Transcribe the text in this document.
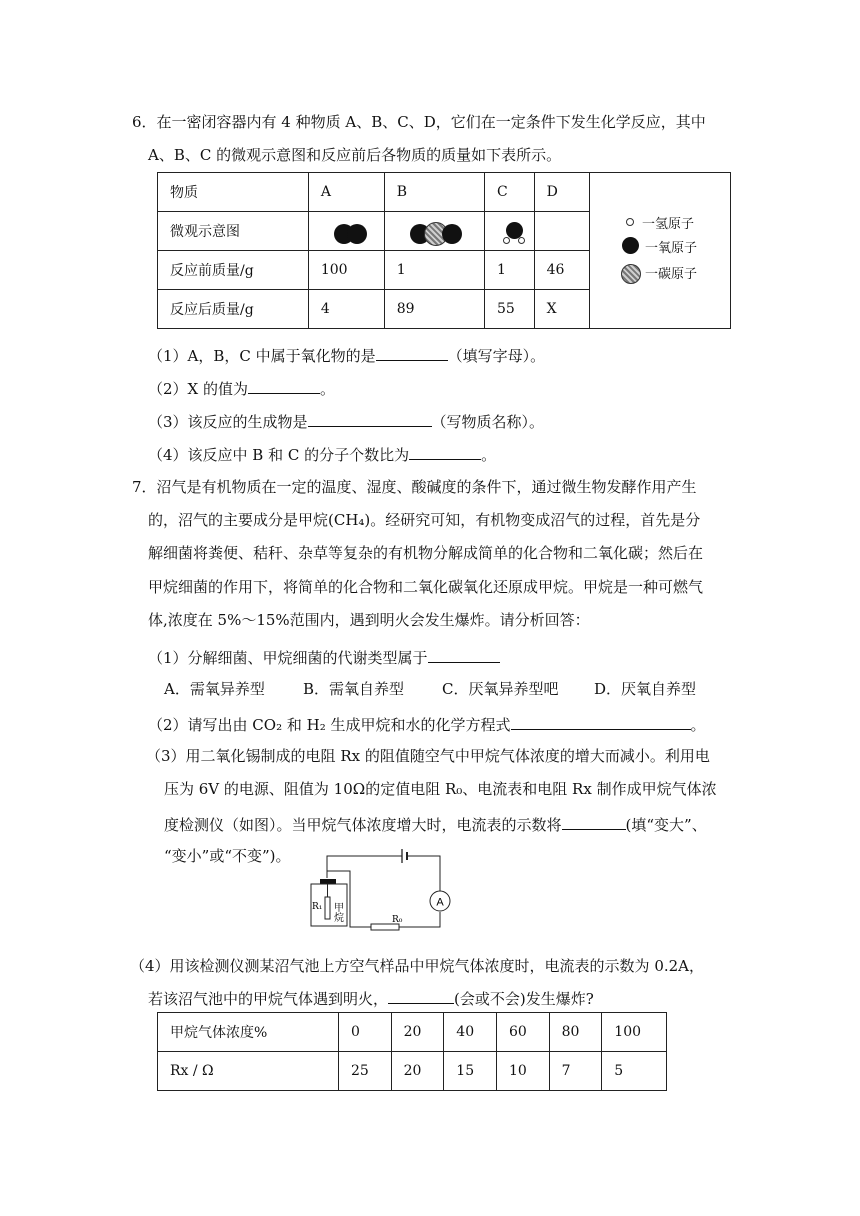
6．在一密闭容器内有 4 种物质 A、B、C、D，它们在一定条件下发生化学反应，其中
A、B、C 的微观示意图和反应前后各物质的质量如下表所示。
物质	A	B	C	D	
微观示意图					
反应前质量/g	100	1	1	46	
反应后质量/g	4	89	55	X	
一氢原子
一氧原子
一碳原子
（1）A，B，C 中属于氧化物的是	（填写字母）。
（2）X 的值为	。
（3）该反应的生成物是	（写物质名称）。
（4）该反应中 B 和 C 的分子个数比为	。
7．沼气是有机物质在一定的温度、湿度、酸碱度的条件下，通过微生物发酵作用产生
的，沼气的主要成分是甲烷(CH₄)。经研究可知，有机物变成沼气的过程，首先是分
解细菌将粪便、秸秆、杂草等复杂的有机物分解成简单的化合物和二氧化碳；然后在
甲烷细菌的作用下，将简单的化合物和二氧化碳氧化还原成甲烷。甲烷是一种可燃气
体,浓度在 5%～15%范围内，遇到明火会发生爆炸。请分析回答：
（1）分解细菌、甲烷细菌的代谢类型属于
A．需氧异养型	B．需氧自养型	C．厌氧异养型吧 D．厌氧自养型
（2）请写出由 CO₂ 和 H₂ 生成甲烷和水的化学方程式	。
（3）用二氧化锡制成的电阻 Rx 的阻值随空气中甲烷气体浓度的增大而减小。利用电
压为 6V 的电源、阻值为 10Ω的定值电阻 R₀、电流表和电阻 Rx 制作成甲烷气体浓
度检测仪（如图）。当甲烷气体浓度增大时，电流表的示数将	(填“变大”、
“变小”或“不变”)。
A
R₁ 甲烷	R₀
（4）用该检测仪测某沼气池上方空气样品中甲烷气体浓度时，电流表的示数为 0.2A，
若该沼气池中的甲烷气体遇到明火，	(会或不会)发生爆炸?
甲烷气体浓度%	0	20	40	60	80	100
Rx / Ω	25	20	15	10	7	5
